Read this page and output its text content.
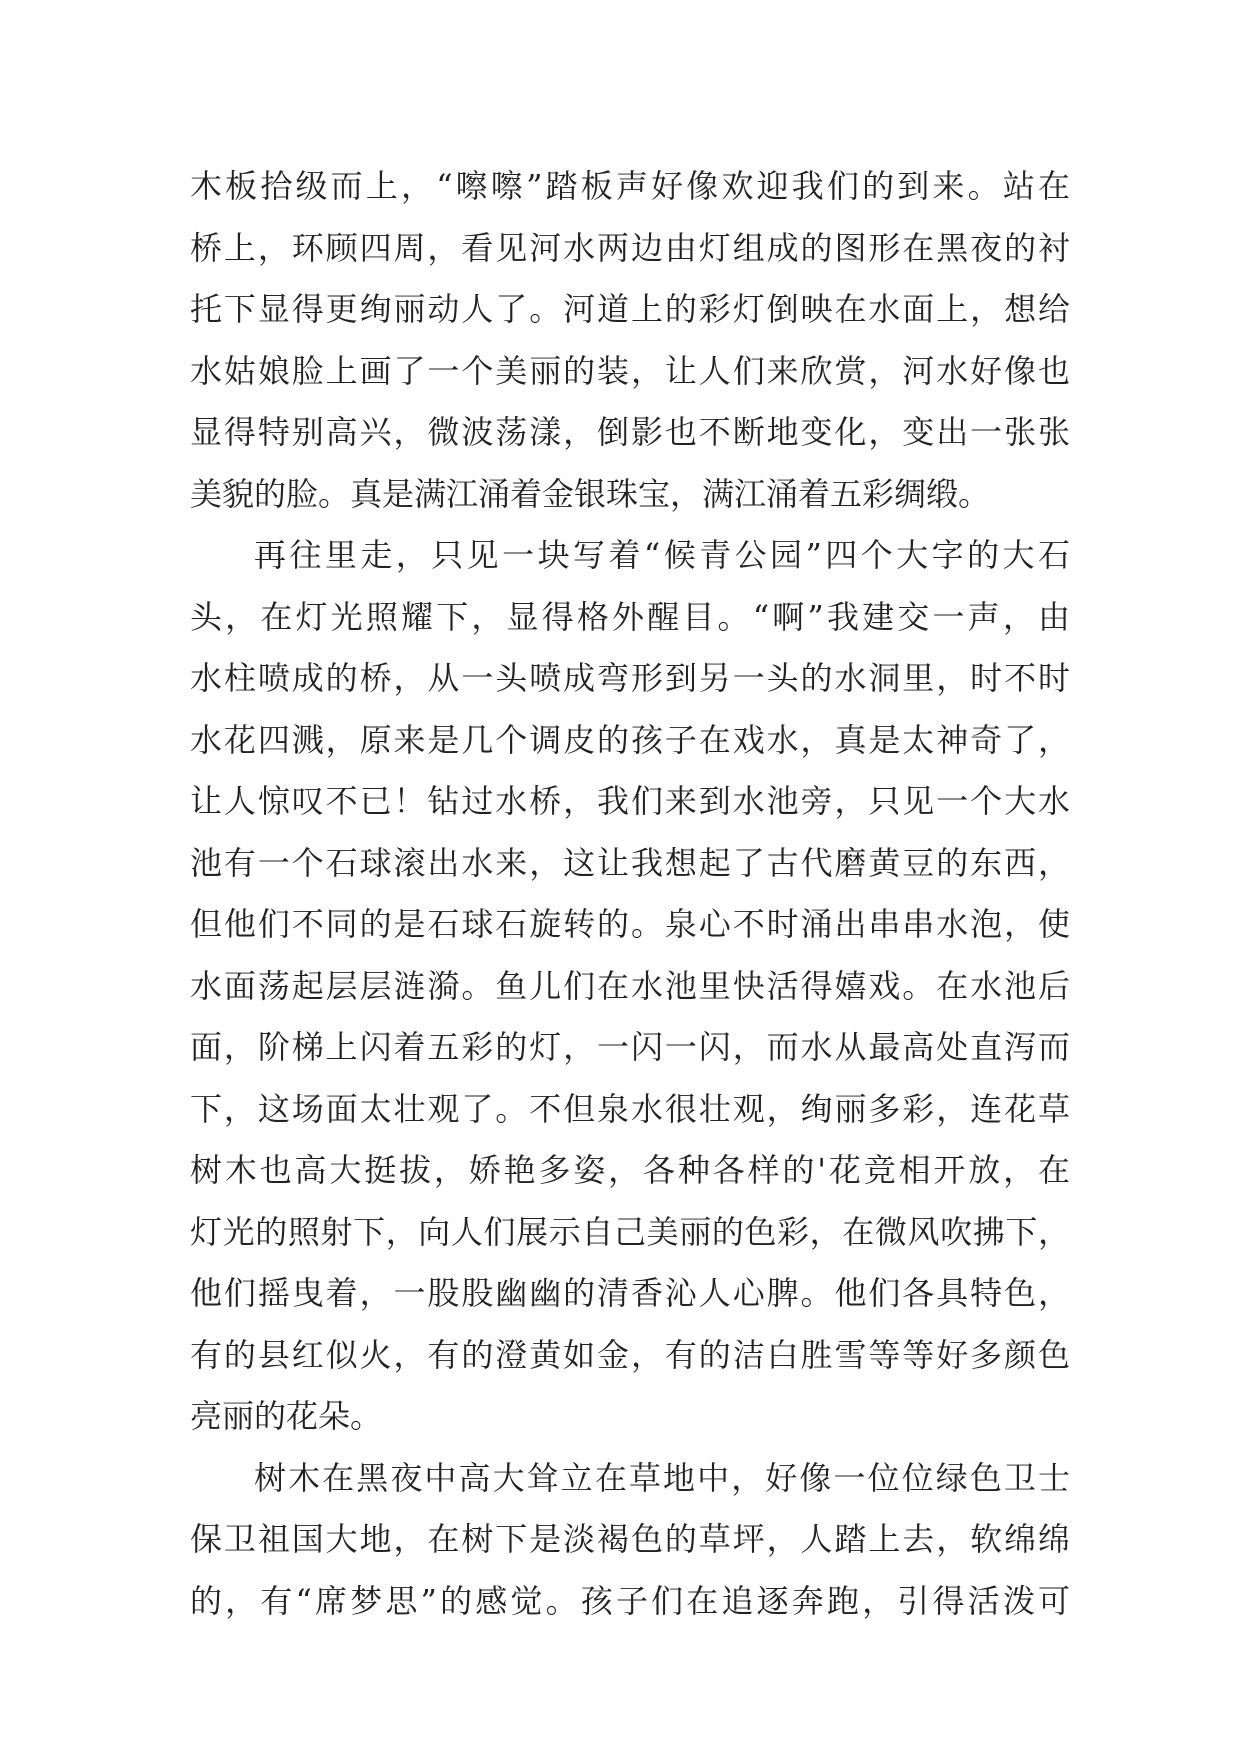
木板拾级而上，“嚓嚓”踏板声好像欢迎我们的到来。站在
桥上，环顾四周，看见河水两边由灯组成的图形在黑夜的衬
托下显得更绚丽动人了。河道上的彩灯倒映在水面上，想给
水姑娘脸上画了一个美丽的装，让人们来欣赏，河水好像也
显得特别高兴，微波荡漾，倒影也不断地变化，变出一张张
美貌的脸。真是满江涌着金银珠宝，满江涌着五彩绸缎。
再往里走，只见一块写着“候青公园”四个大字的大石
头，在灯光照耀下，显得格外醒目。“啊”我建交一声，由
水柱喷成的桥，从一头喷成弯形到另一头的水洞里，时不时
水花四溅，原来是几个调皮的孩子在戏水，真是太神奇了，
让人惊叹不已！钻过水桥，我们来到水池旁，只见一个大水
池有一个石球滚出水来，这让我想起了古代磨黄豆的东西，
但他们不同的是石球石旋转的。泉心不时涌出串串水泡，使
水面荡起层层涟漪。鱼儿们在水池里快活得嬉戏。在水池后
面，阶梯上闪着五彩的灯，一闪一闪，而水从最高处直泻而
下，这场面太壮观了。不但泉水很壮观，绚丽多彩，连花草
树木也高大挺拔，娇艳多姿，各种各样的'花竞相开放，在
灯光的照射下，向人们展示自己美丽的色彩，在微风吹拂下，
他们摇曳着，一股股幽幽的清香沁人心脾。他们各具特色，
有的县红似火，有的澄黄如金，有的洁白胜雪等等好多颜色
亮丽的花朵。
树木在黑夜中高大耸立在草地中，好像一位位绿色卫士
保卫祖国大地，在树下是淡褐色的草坪，人踏上去，软绵绵
的，有“席梦思”的感觉。孩子们在追逐奔跑，引得活泼可
